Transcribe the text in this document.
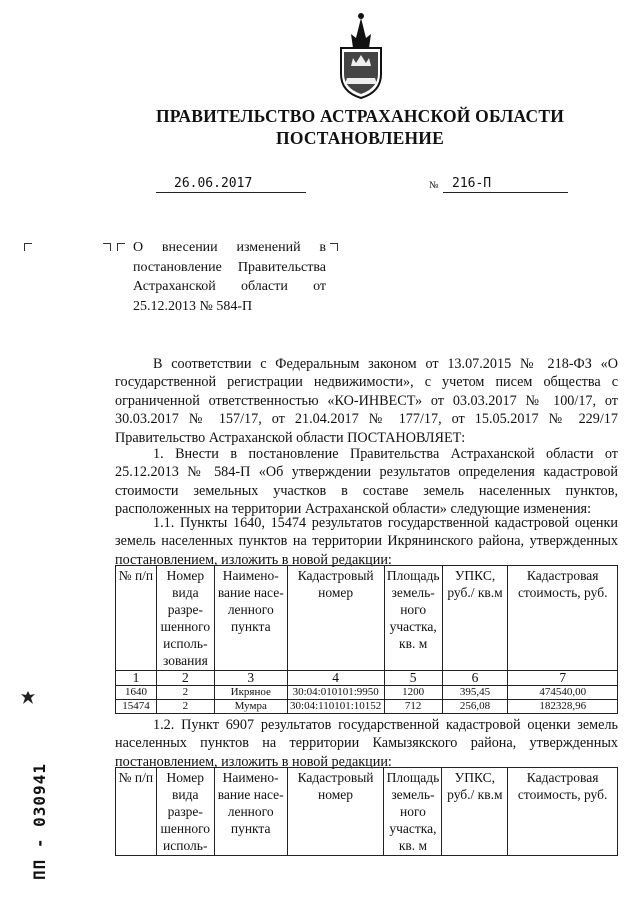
ПРАВИТЕЛЬСТВО АСТРАХАНСКОЙ ОБЛАСТИ
ПОСТАНОВЛЕНИЕ
26.06.2017	№ 216-П
О внесении изменений в постановление Правительства Астраханской области от 25.12.2013 № 584-П
В соответствии с Федеральным законом от 13.07.2015 № 218-ФЗ «О государственной регистрации недвижимости», с учетом писем общества с ограниченной ответственностью «КО-ИНВЕСТ» от 03.03.2017 № 100/17, от 30.03.2017 № 157/17, от 21.04.2017 № 177/17, от 15.05.2017 № 229/17 Правительство Астраханской области ПОСТАНОВЛЯЕТ:
1. Внести в постановление Правительства Астраханской области от 25.12.2013 № 584-П «Об утверждении результатов определения кадастровой стоимости земельных участков в составе земель населенных пунктов, расположенных на территории Астраханской области» следующие изменения:
1.1. Пункты 1640, 15474 результатов государственной кадастровой оценки земель населенных пунктов на территории Икрянинского района, утвержденных постановлением, изложить в новой редакции:
№ п/п	Номер вида разре-шенного исполь-зования	Наимено-вание насе-ленного пункта	Кадастровый номер	Площадь земель-ного участка, кв. м	УПКС, руб./ кв.м	Кадастровая стоимость, руб.
1	2	3	4	5	6	7
1640	2	Икряное	30:04:010101:9950	1200	395,45	474540,00
15474	2	Мумра	30:04:110101:10152	712	256,08	182328,96
1.2. Пункт 6907 результатов государственной кадастровой оценки земель населенных пунктов на территории Камызякского района, утвержденных постановлением, изложить в новой редакции:
№ п/п	Номер вида разре-шенного исполь-	Наимено-вание насе-ленного пункта	Кадастровый номер	Площадь земель-ного участка, кв. м	УПКС, руб./ кв.м	Кадастровая стоимость, руб.
ПП - 030941
